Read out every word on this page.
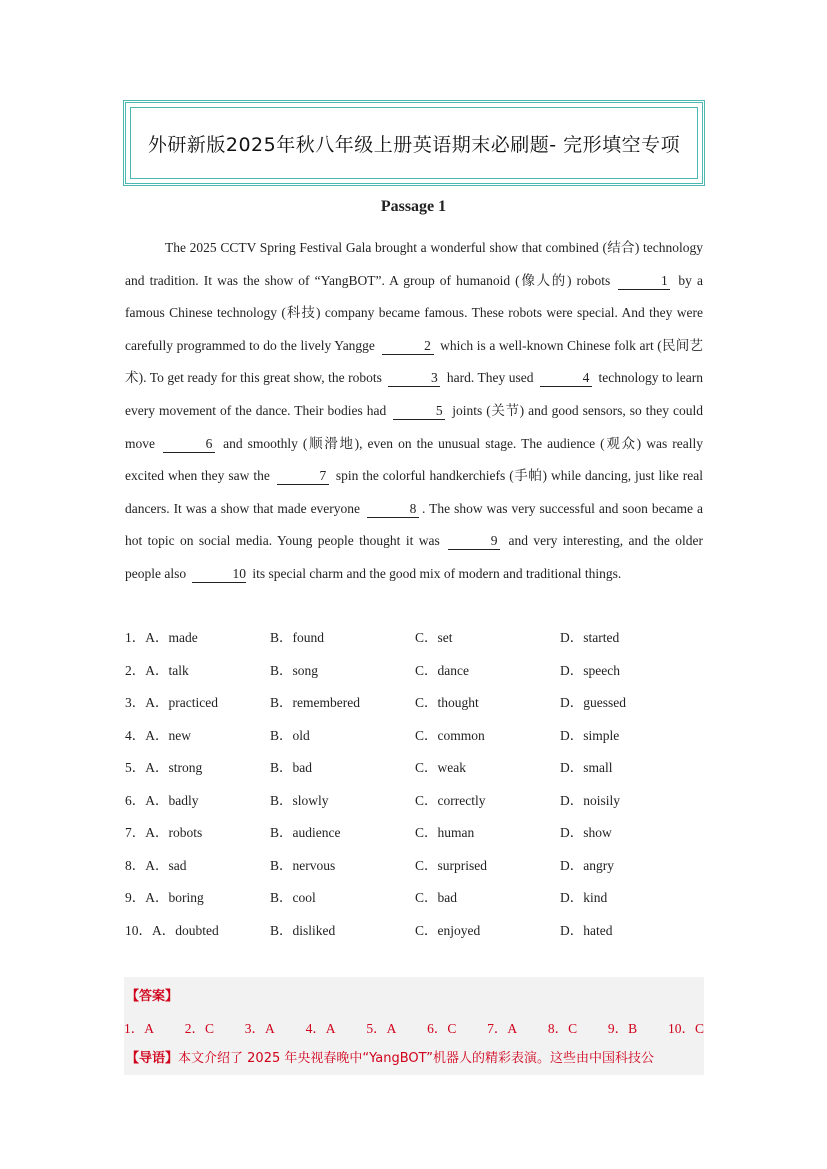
外研新版2025年秋八年级上册英语期末必刷题- 完形填空专项
Passage 1

The 2025 CCTV Spring Festival Gala brought a wonderful show that combined (结合) technology and tradition. It was the show of “YangBOT”. A group of humanoid (像人的) robots	1 by a famous Chinese technology (科技) company became famous. These robots were special. And they were carefully programmed to do the lively Yangge	2 which is a well-known Chinese folk art (民间艺术). To get ready for this great show, the robots	3 hard. They used	4 technology to learn every movement of the dance. Their bodies had	5 joints (关节) and good sensors, so they could move	6 and smoothly (顺滑地), even on the unusual stage. The audience (观众) was really excited when they saw the	7 spin the colorful handkerchiefs (手帕) while dancing, just like real dancers. It was a show that made everyone	8 . The show was very successful and soon became a hot topic on social media. Young people thought it was	9 and very interesting, and the older people also	10 its special charm and the good mix of modern and traditional things.

1．A．made	B．found	C．set	D．started
2．A．talk	B．song	C．dance	D．speech
3．A．practiced	B．remembered	C．thought	D．guessed
4．A．new	B．old	C．common	D．simple
5．A．strong	B．bad	C．weak	D．small
6．A．badly	B．slowly	C．correctly	D．noisily
7．A．robots	B．audience	C．human	D．show
8．A．sad	B．nervous	C．surprised	D．angry
9．A．boring	B．cool	C．bad	D．kind
10．A．doubted	B．disliked	C．enjoyed	D．hated
【答案】
1．A 2．C 3．A 4．A 5．A 6．C 7．A 8．C 9．B 10．C
【导语】本文介绍了 2025 年央视春晚中“YangBOT”机器人的精彩表演。这些由中国科技公
